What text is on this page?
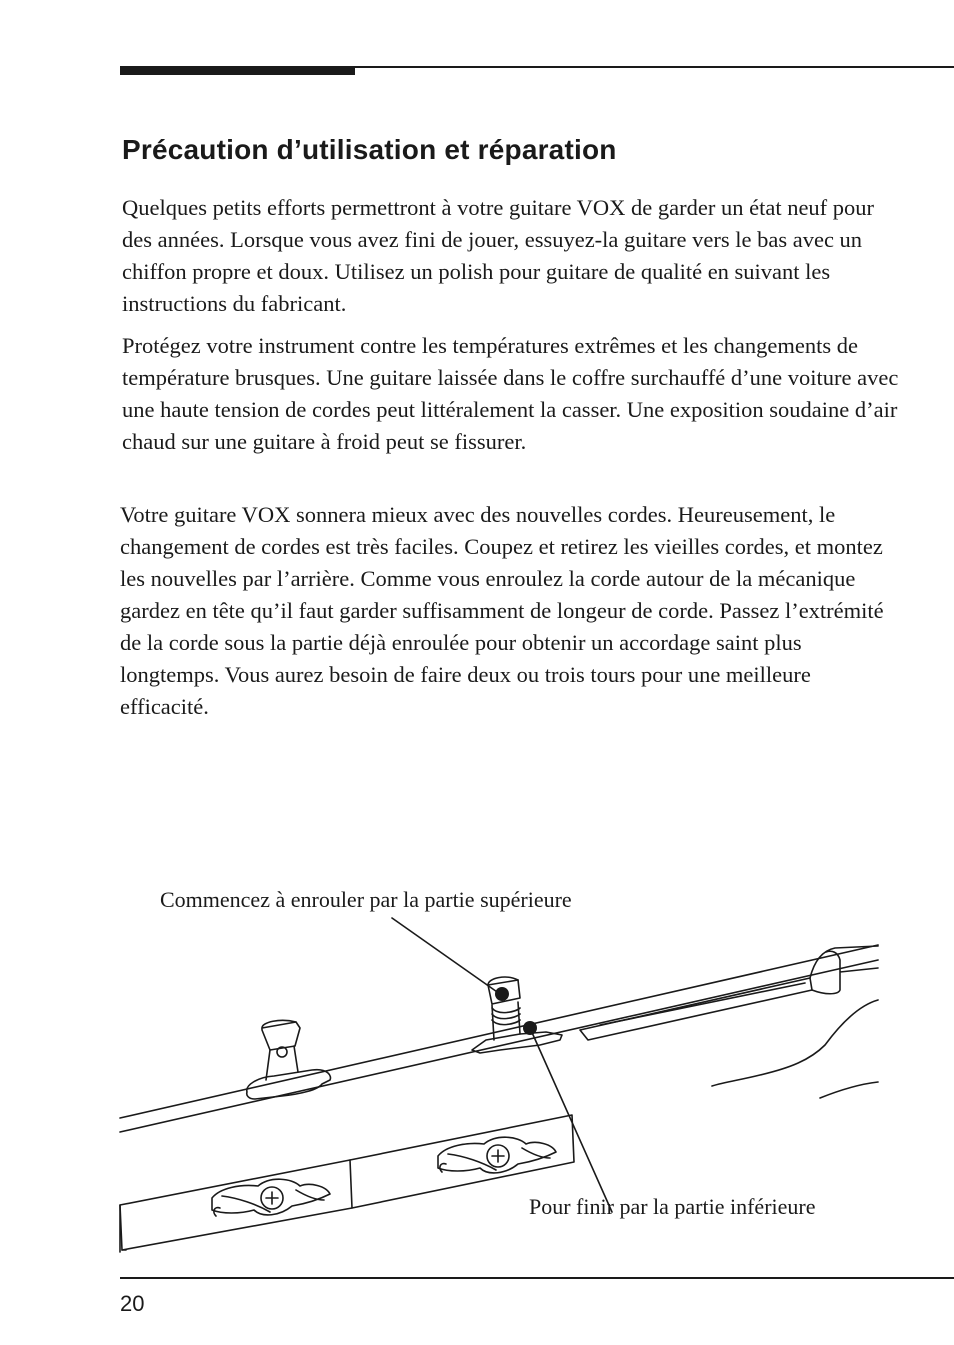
Précaution d’utilisation et réparation

Quelques petits efforts permettront à votre guitare VOX de garder un état neuf pour des années. Lorsque vous avez fini de jouer, essuyez-la guitare vers le bas avec un chiffon propre et doux. Utilisez un polish pour guitare de qualité en suivant les instructions du fabricant.

Protégez votre instrument contre les températures extrêmes et les changements de température brusques. Une guitare laissée dans le coffre surchauffé d’une voiture avec une haute tension de cordes peut littéralement la casser. Une exposition soudaine d’air chaud sur une guitare à froid peut se fissurer.

Votre guitare VOX sonnera mieux avec des nouvelles cordes. Heureusement, le changement de cordes est très faciles. Coupez et retirez les vieilles cordes, et montez les nouvelles par l’arrière. Comme vous enroulez la corde autour de la mécanique gardez en tête qu’il faut garder suffisamment de longeur de corde. Passez l’extrémité de la corde sous la partie déjà enroulée pour obtenir un accordage saint plus longtemps. Vous aurez besoin de faire deux ou trois tours pour une meilleure efficacité.

Commencez à enrouler par la partie supérieure
Pour finir par la partie inférieure
20
